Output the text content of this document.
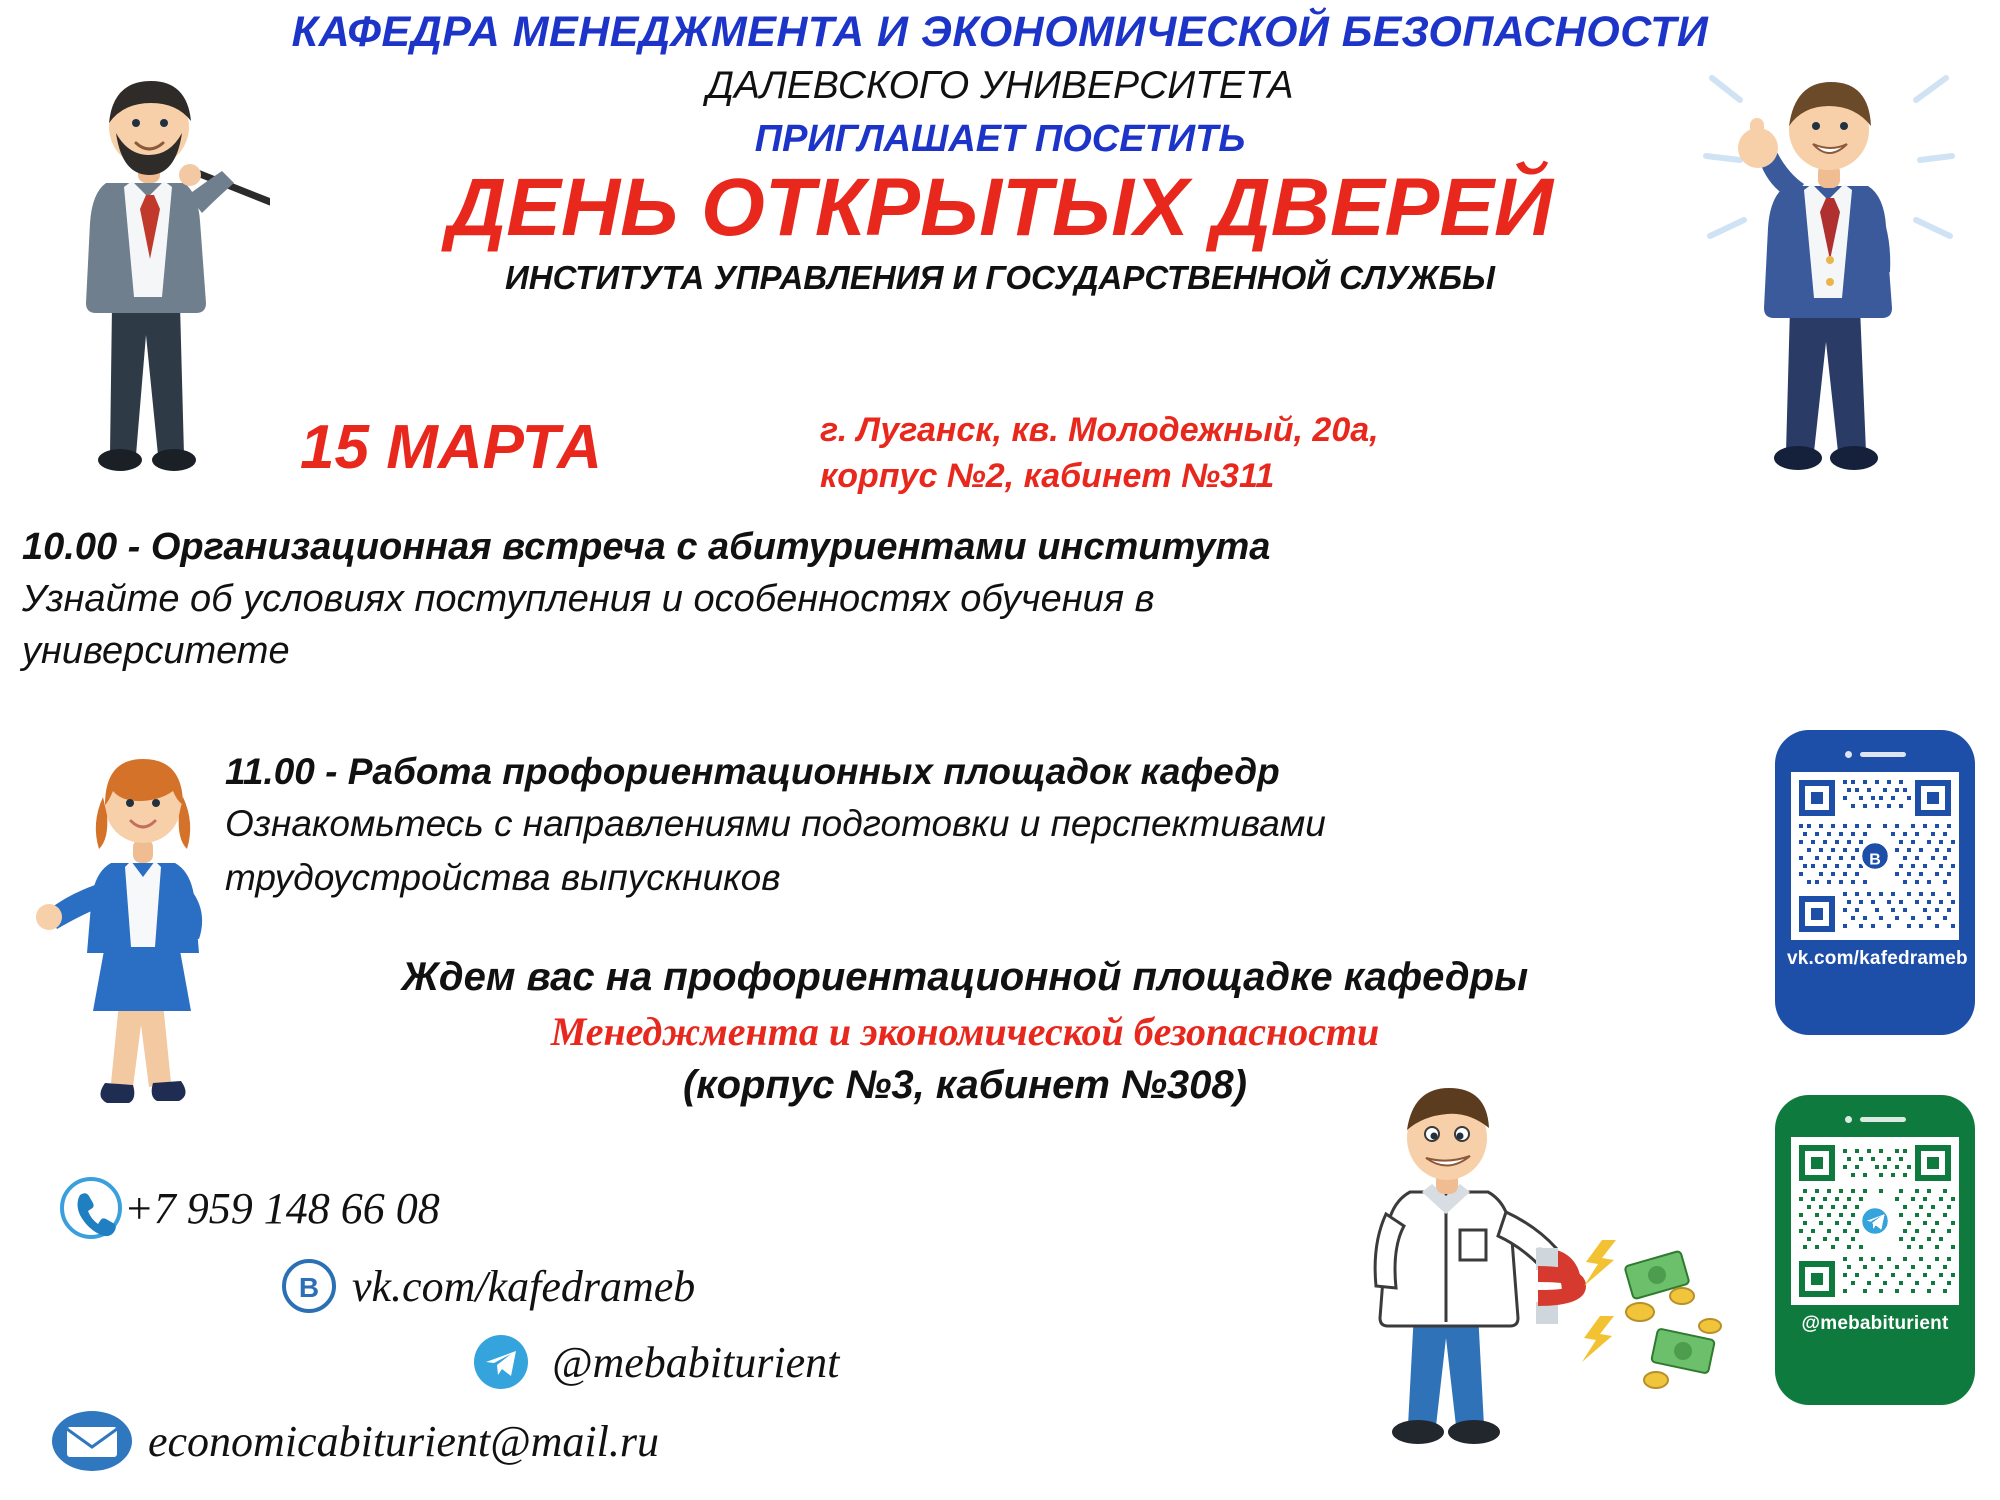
КАФЕДРА МЕНЕДЖМЕНТА И ЭКОНОМИЧЕСКОЙ БЕЗОПАСНОСТИ
ДАЛЕВСКОГО УНИВЕРСИТЕТА
ПРИГЛАШАЕТ ПОСЕТИТЬ
ДЕНЬ ОТКРЫТЫХ ДВЕРЕЙ
ИНСТИТУТА УПРАВЛЕНИЯ И ГОСУДАРСТВЕННОЙ СЛУЖБЫ
15 МАРТА	г. Луганск, кв. Молодежный, 20а,
корпус №2, кабинет №311
10.00 - Организационная встреча с абитуриентами института
Узнайте об условиях поступления и особенностях обучения в
университете
11.00 - Работа профориентационных площадок кафедр
Ознакомьтесь с направлениями подготовки и перспективами
трудоустройства выпускников
Ждем вас на профориентационной площадке кафедры
Менеджмента и экономической безопасности
(корпус №3, кабинет №308)
+7 959 148 66 08
B vk.com/kafedrameb
@mebabiturient
economicabiturient@mail.ru
B
vk.com/kafedrameb
@mebabiturient
